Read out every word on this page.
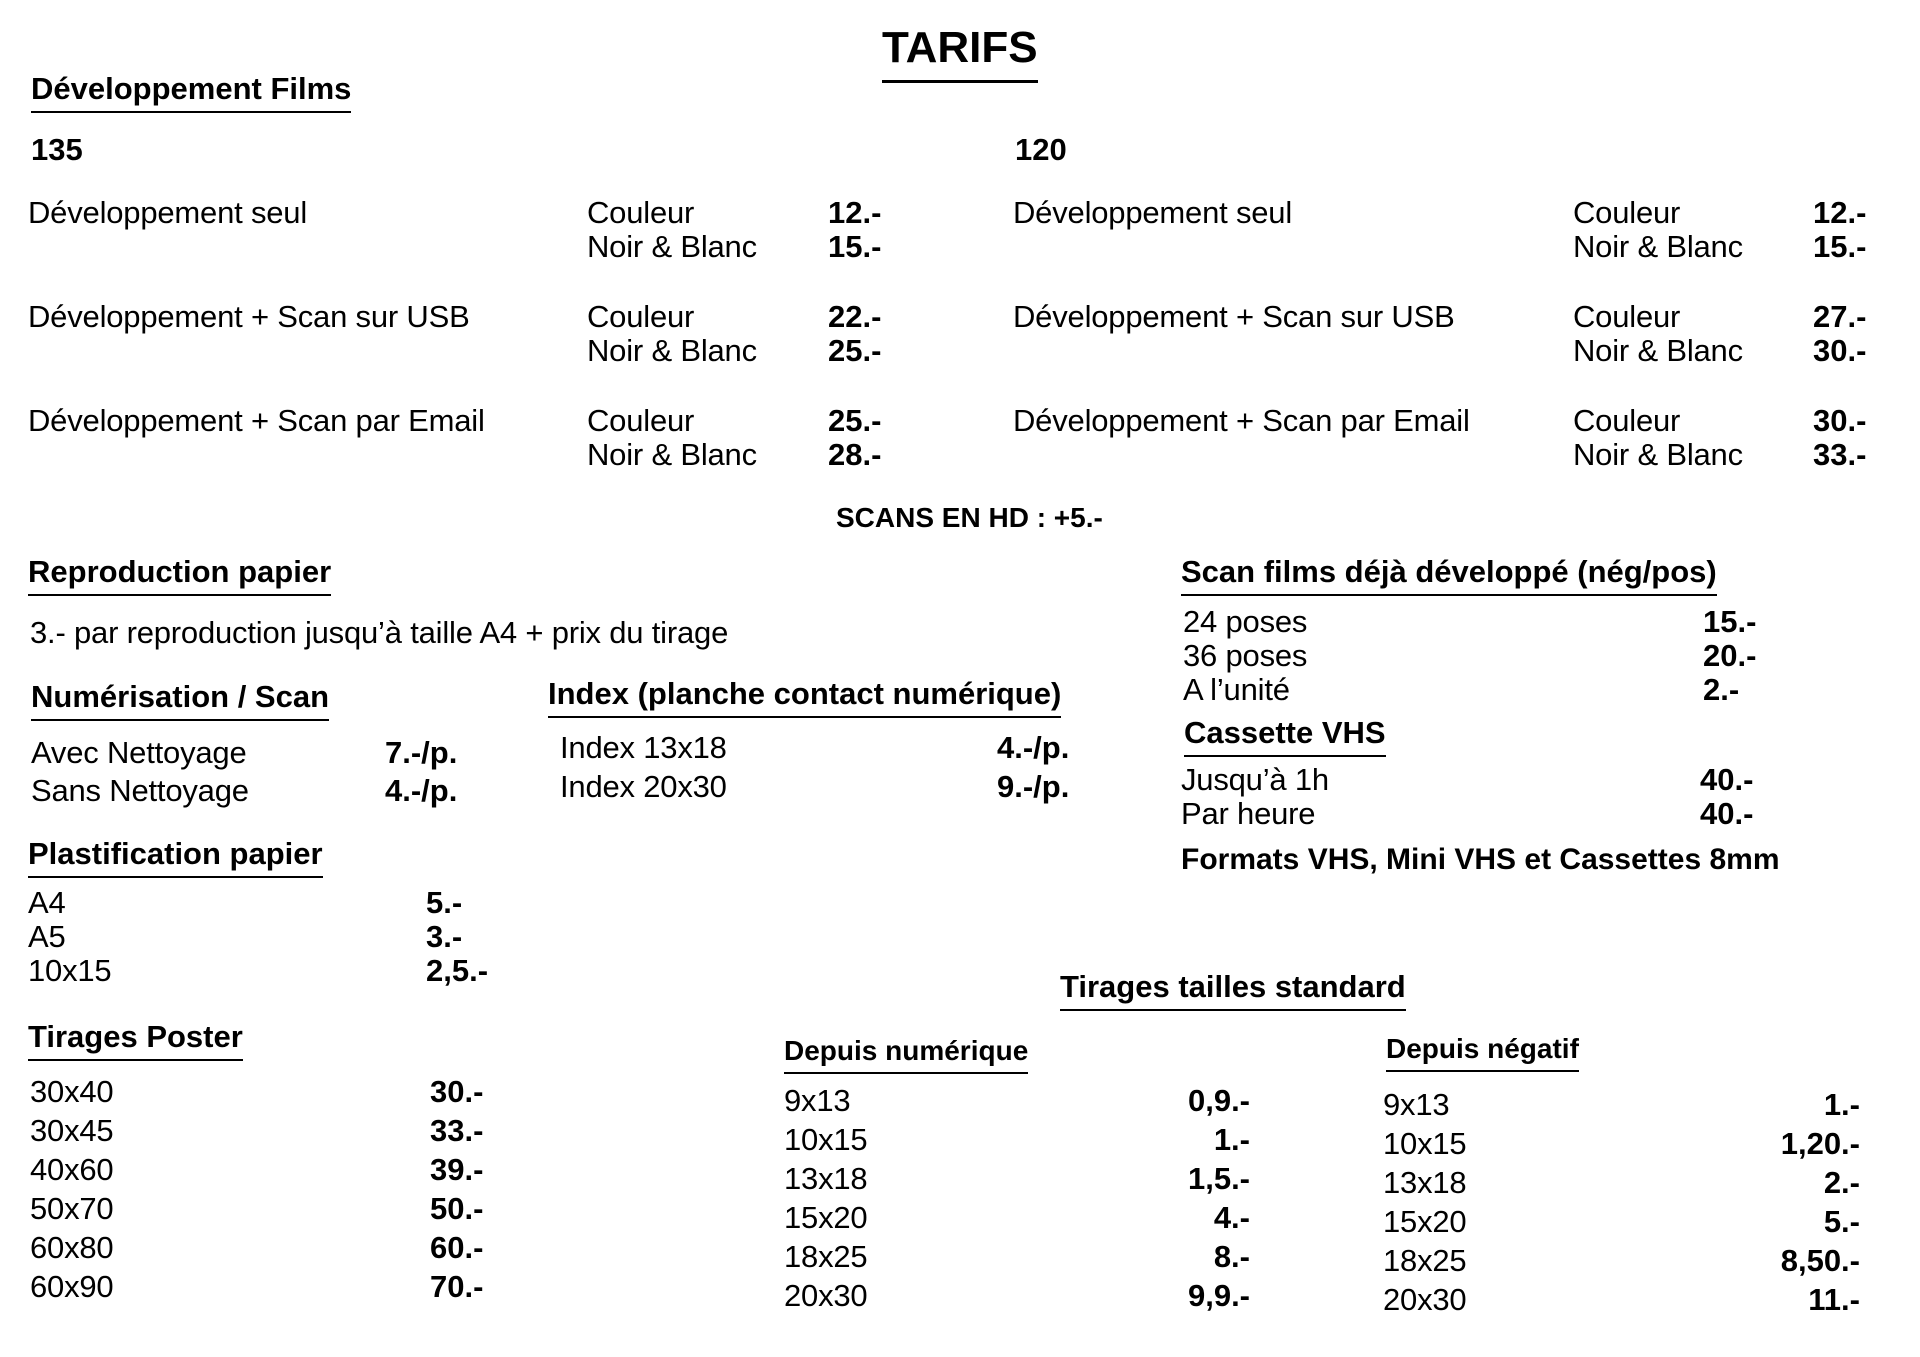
TARIFS
Développement Films
135
Développement seul	Couleur	12.-
Noir & Blanc 15.-
Développement + Scan sur USB	Couleur	22.-
Noir & Blanc 25.-
Développement + Scan par Email	Couleur	25.-
Noir & Blanc 28.-
120
Développement seul	Couleur	12.-
Noir & Blanc 15.-
Développement + Scan sur USB	Couleur	27.-
Noir & Blanc 30.-
Développement + Scan par Email	Couleur	30.-
Noir & Blanc 33.-
SCANS EN HD : +5.-
Reproduction papier
3.- par reproduction jusqu’à taille A4 + prix du tirage
Scan films déjà développé (nég/pos)
24 poses	15.-
36 poses	20.-
A l’unité	2.-
Numérisation / Scan
Avec Nettoyage	7.-/p.
Sans Nettoyage	4.-/p.
Index (planche contact numérique)
Index 13x18	4.-/p.
Index 20x30	9.-/p.
Cassette VHS
Jusqu’à 1h	40.-
Par heure	40.-
Formats VHS, Mini VHS et Cassettes 8mm
Plastification papier
A4	5.-
A5	3.-
10x15	2,5.-
Tirages Poster
30x40	30.-
30x45	33.-
40x60	39.-
50x70	50.-
60x80	60.-
60x90	70.-
Tirages tailles standard
Depuis numérique
9x13	0,9.-
10x15	1.-
13x18	1,5.-
15x20	4.-
18x25	8.-
20x30	9,9.-
Depuis négatif
9x13	1.-
10x15	1,20.-
13x18	2.-
15x20	5.-
18x25	8,50.-
20x30	11.-
